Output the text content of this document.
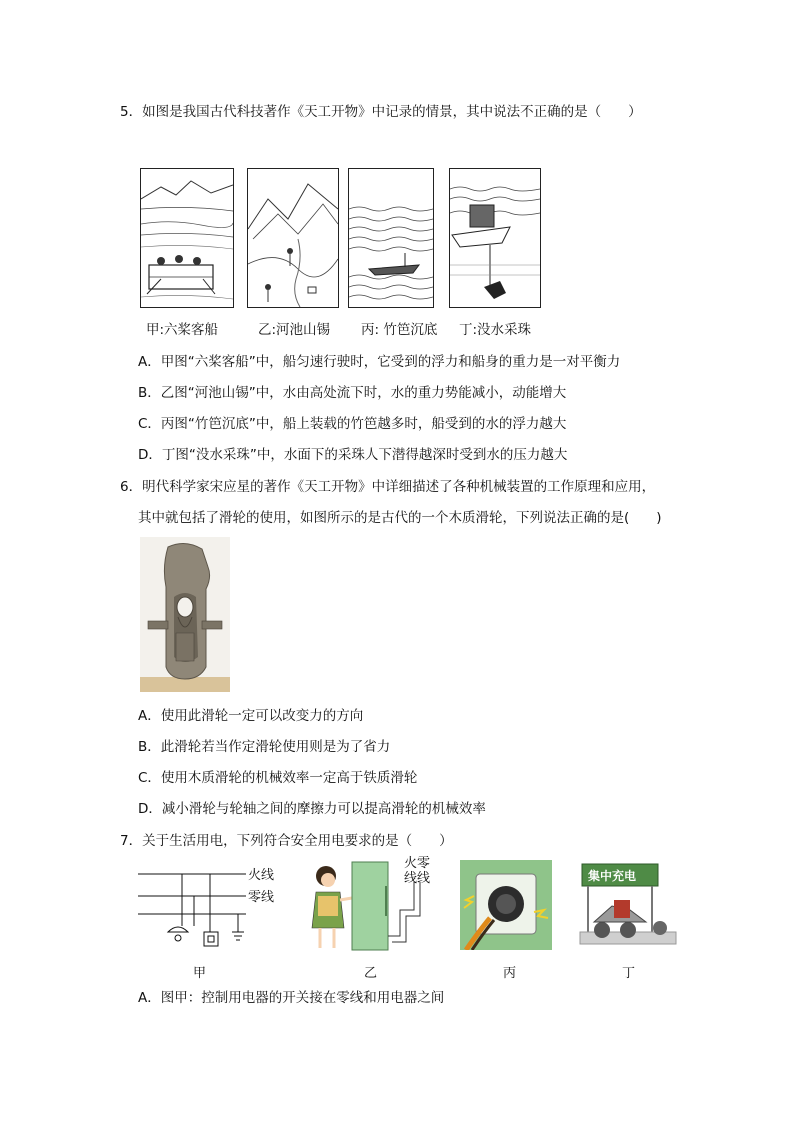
5．如图是我国古代科技著作《天工开物》中记录的情景，其中说法不正确的是（　　）
甲:六桨客船	乙:河池山锡 丙: 竹笆沉底 丁:没水采珠
A．甲图“六桨客船”中，船匀速行驶时，它受到的浮力和船身的重力是一对平衡力
B．乙图“河池山锡”中，水由高处流下时，水的重力势能减小，动能增大
C．丙图“竹笆沉底”中，船上装载的竹笆越多时，船受到的水的浮力越大
D．丁图“没水采珠”中，水面下的采珠人下潜得越深时受到水的压力越大
6．明代科学家宋应星的著作《天工开物》中详细描述了各种机械装置的工作原理和应用，
其中就包括了滑轮的使用，如图所示的是古代的一个木质滑轮，下列说法正确的是(　　)
A．使用此滑轮一定可以改变力的方向
B．此滑轮若当作定滑轮使用则是为了省力
C．使用木质滑轮的机械效率一定高于铁质滑轮
D．减小滑轮与轮轴之间的摩擦力可以提高滑轮的机械效率
7．关于生活用电，下列符合安全用电要求的是（　　）
火线
零线
火零
线线	集中充电
甲	乙	丙	丁
A．图甲：控制用电器的开关接在零线和用电器之间
